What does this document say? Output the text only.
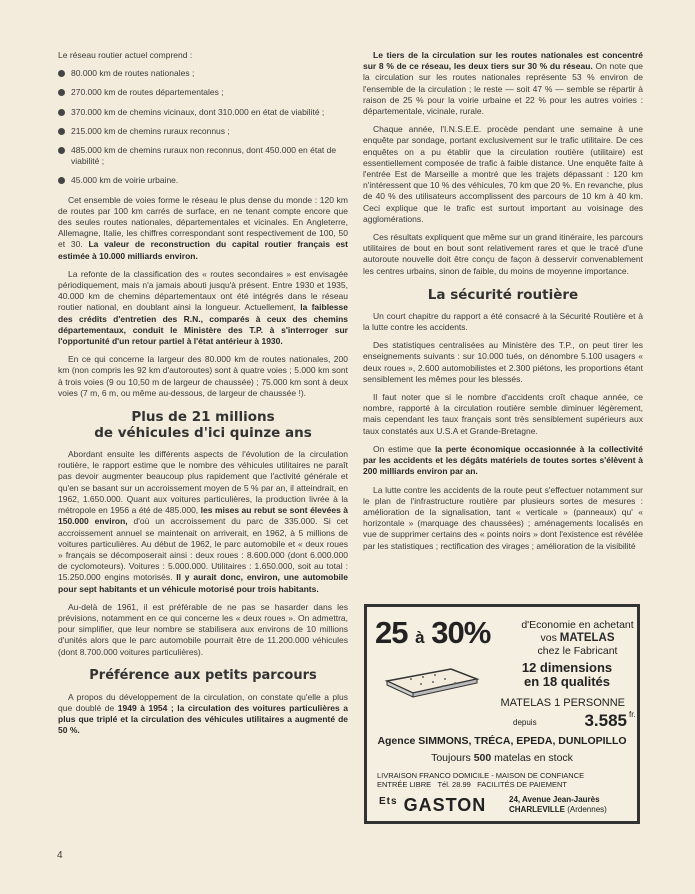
Le réseau routier actuel comprend :

80.000 km de routes nationales ;
270.000 km de routes départementales ;
370.000 km de chemins vicinaux, dont 310.000 en état de viabilité ;
215.000 km de chemins ruraux reconnus ;
485.000 km de chemins ruraux non reconnus, dont 450.000 en état de viabilité ;
45.000 km de voirie urbaine.

Cet ensemble de voies forme le réseau le plus dense du monde : 120 km de routes par 100 km carrés de surface, en ne tenant compte encore que des seules routes nationales, départementales et vicinales. En Angleterre, Allemagne, Italie, les chiffres correspondant sont respectivement de 100, 50 et 30. La valeur de reconstruction du capital routier français est estimée à 10.000 milliards environ.

La refonte de la classification des « routes secondaires » est envisagée périodiquement, mais n'a jamais abouti jusqu'à présent. Entre 1930 et 1935, 40.000 km de chemins départementaux ont été intégrés dans le réseau routier national, en doublant ainsi la longueur. Actuellement, la faiblesse des crédits d'entretien des R.N., comparés à ceux des chemins départementaux, conduit le Ministère des T.P. à s'interroger sur l'opportunité d'un retour partiel à l'état antérieur à 1930.

En ce qui concerne la largeur des 80.000 km de routes nationales, 200 km (non compris les 92 km d'autoroutes) sont à quatre voies ; 5.000 km sont à trois voies (9 ou 10,50 m de largeur de chaussée) ; 75.000 km sont à deux voies (7 m, 6 m, ou même au-dessous, de largeur de chaussée !).

Plus de 21 millions
de véhicules d'ici quinze ans

Abordant ensuite les différents aspects de l'évolution de la circulation routière, le rapport estime que le nombre des véhicules utilitaires ne paraît pas devoir augmenter beaucoup plus rapidement que l'activité générale et qu'en se basant sur un accroissement moyen de 5 % par an, il atteindrait, en 1962, 1.650.000. Quant aux voitures particulières, la production livrée à la métropole en 1956 a été de 485.000, les mises au rebut se sont élevées à 150.000 environ, d'où un accroissement du parc de 335.000. Si cet accroissement annuel se maintenait on arriverait, en 1962, à 5 millions de voitures particulières. Au début de 1962, le parc automobile et « deux roues » français se décomposerait ainsi : deux roues : 8.600.000 (dont 6.000.000 de cyclomoteurs). Voitures : 5.000.000. Utilitaires : 1.650.000, soit au total : 15.250.000 engins motorisés. Il y aurait donc, environ, une automobile pour sept habitants et un véhicule motorisé pour trois habitants.

Au-delà de 1961, il est préférable de ne pas se hasarder dans les prévisions, notamment en ce qui concerne les « deux roues ». On admettra, pour simplifier, que leur nombre se stabilisera aux environs de 10 millions d'unités alors que le parc automobile pourrait être de 11.200.000 véhicules (dont 8.700.000 voitures particulières).

Préférence aux petits parcours

A propos du développement de la circulation, on constate qu'elle a plus que doublé de 1949 à 1954 ; la circulation des voitures particulières a plus que triplé et la circulation des véhicules utilitaires a augmenté de 50 %.

Le tiers de la circulation sur les routes nationales est concentré sur 8 % de ce réseau, les deux tiers sur 30 % du réseau. On note que la circulation sur les routes nationales représente 53 % environ de l'ensemble de la circulation ; le reste — soit 47 % — semble se répartir à raison de 25 % pour la voirie urbaine et 22 % pour les autres voiries : départementale, vicinale, rurale.

Chaque année, l'I.N.S.E.E. procède pendant une semaine à une enquête par sondage, portant exclusivement sur le trafic utilitaire. De ces enquêtes on a pu établir que la circulation routière (utilitaire) est essentiellement composée de trafic à faible distance. Une enquête faite à l'entrée Est de Marseille a montré que les trajets dépassant : 120 km n'intéressent que 10 % des véhicules, 70 km que 20 %. En revanche, plus de 40 % des utilisateurs accomplissent des parcours de 10 km à 40 km. Ceci explique que le trafic est surtout important au voisinage des agglomérations.

Ces résultats expliquent que même sur un grand itinéraire, les parcours utilitaires de bout en bout sont relativement rares et que le tracé d'une autoroute nouvelle doit être conçu de façon à desservir convenablement les centres urbains, sinon de faible, du moins de moyenne importance.

La sécurité routière

Un court chapitre du rapport a été consacré à la Sécurité Routière et à la lutte contre les accidents.

Des statistiques centralisées au Ministère des T.P., on peut tirer les enseignements suivants : sur 10.000 tués, on dénombre 5.100 usagers « deux roues », 2.600 automobilistes et 2.300 piétons, les proportions étant sensiblement les mêmes pour les blessés.

Il faut noter que si le nombre d'accidents croît chaque année, ce nombre, rapporté à la circulation routière semble diminuer légèrement, mais cependant les taux français sont très sensiblement supérieurs aux taux constatés aux U.S.A et Grande-Bretagne.

On estime que la perte économique occasionnée à la collectivité par les accidents et les dégâts matériels de toutes sortes s'élèvent à 200 milliards environ par an.

La lutte contre les accidents de la route peut s'effectuer notamment sur le plan de l'infrastructure routière par plusieurs sortes de mesures : amélioration de la signalisation, tant « verticale » (panneaux) qu' « horizontale » (marquage des chaussées) ; aménagements localisés en vue de supprimer certains des « points noirs » dont l'existence est révélée par les statistiques ; rectification des virages ; amélioration de la visibilité

25 à 30%	d'Economie en achetant vos MATELAS
chez le Fabricant
12 dimensions
en 18 qualités
MATELAS 1 PERSONNE
depuis	3.585 fr.
Agence SIMMONS, TRÉCA, EPEDA, DUNLOPILLO
Toujours 500 matelas en stock
LIVRAISON FRANCO DOMICILE - MAISON DE CONFIANCE
ENTRÉE LIBRE Tél. 28.99 FACILITÉS DE PAIEMENT
$^{Ets}$ GASTON	24, Avenue Jean-Jaurès
CHARLEVILLE (Ardennes)
4
